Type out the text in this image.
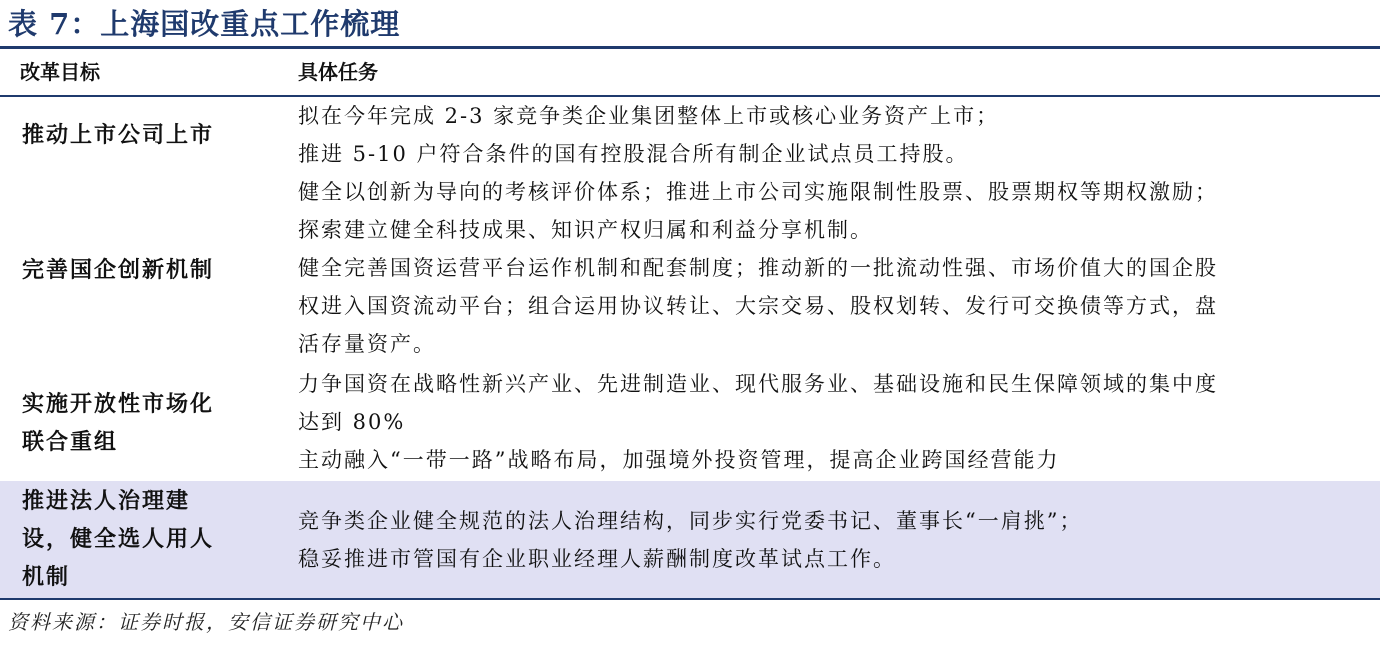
表 7：上海国改重点工作梳理
改革目标	具体任务
推动上市公司上市
拟在今年完成 2-3 家竞争类企业集团整体上市或核心业务资产上市；
推进 5-10 户符合条件的国有控股混合所有制企业试点员工持股。
完善国企创新机制
健全以创新为导向的考核评价体系；推进上市公司实施限制性股票、股票期权等期权激励；
探索建立健全科技成果、知识产权归属和利益分享机制。
健全完善国资运营平台运作机制和配套制度；推动新的一批流动性强、市场价值大的国企股
权进入国资流动平台；组合运用协议转让、大宗交易、股权划转、发行可交换债等方式，盘
活存量资产。
实施开放性市场化
联合重组
力争国资在战略性新兴产业、先进制造业、现代服务业、基础设施和民生保障领域的集中度
达到 80%
主动融入“一带一路”战略布局，加强境外投资管理，提高企业跨国经营能力
推进法人治理建
设，健全选人用人
机制
竞争类企业健全规范的法人治理结构，同步实行党委书记、董事长“一肩挑”；
稳妥推进市管国有企业职业经理人薪酬制度改革试点工作。
资料来源：证券时报，安信证券研究中心
